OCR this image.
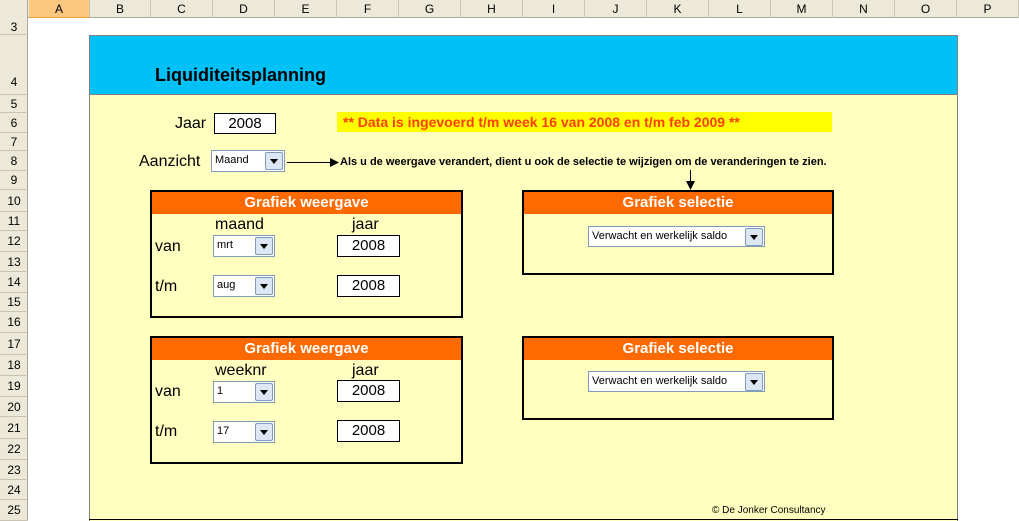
A	B	C	D	E	F	G	H	I	J	K	L	M	N	O	P
3
4
5
6
7
8
9
10
11
12
13
14
15
16
17
18
19
20
21
22
23
24
25
Liquiditeitsplanning
Jaar	2008	** Data is ingevoerd t/m week 16 van 2008 en t/m feb 2009 **
Aanzicht	Maand	Als u de weergave verandert, dient u ook de selectie te wijzigen om de veranderingen te zien.
Grafiek weergave
maand	jaar
van	mrt	2008
t/m	aug	2008
Grafiek selectie
Verwacht en werkelijk saldo
Grafiek weergave
weeknr	jaar
van	1	2008
t/m	17	2008
Grafiek selectie
Verwacht en werkelijk saldo
© De Jonker Consultancy
